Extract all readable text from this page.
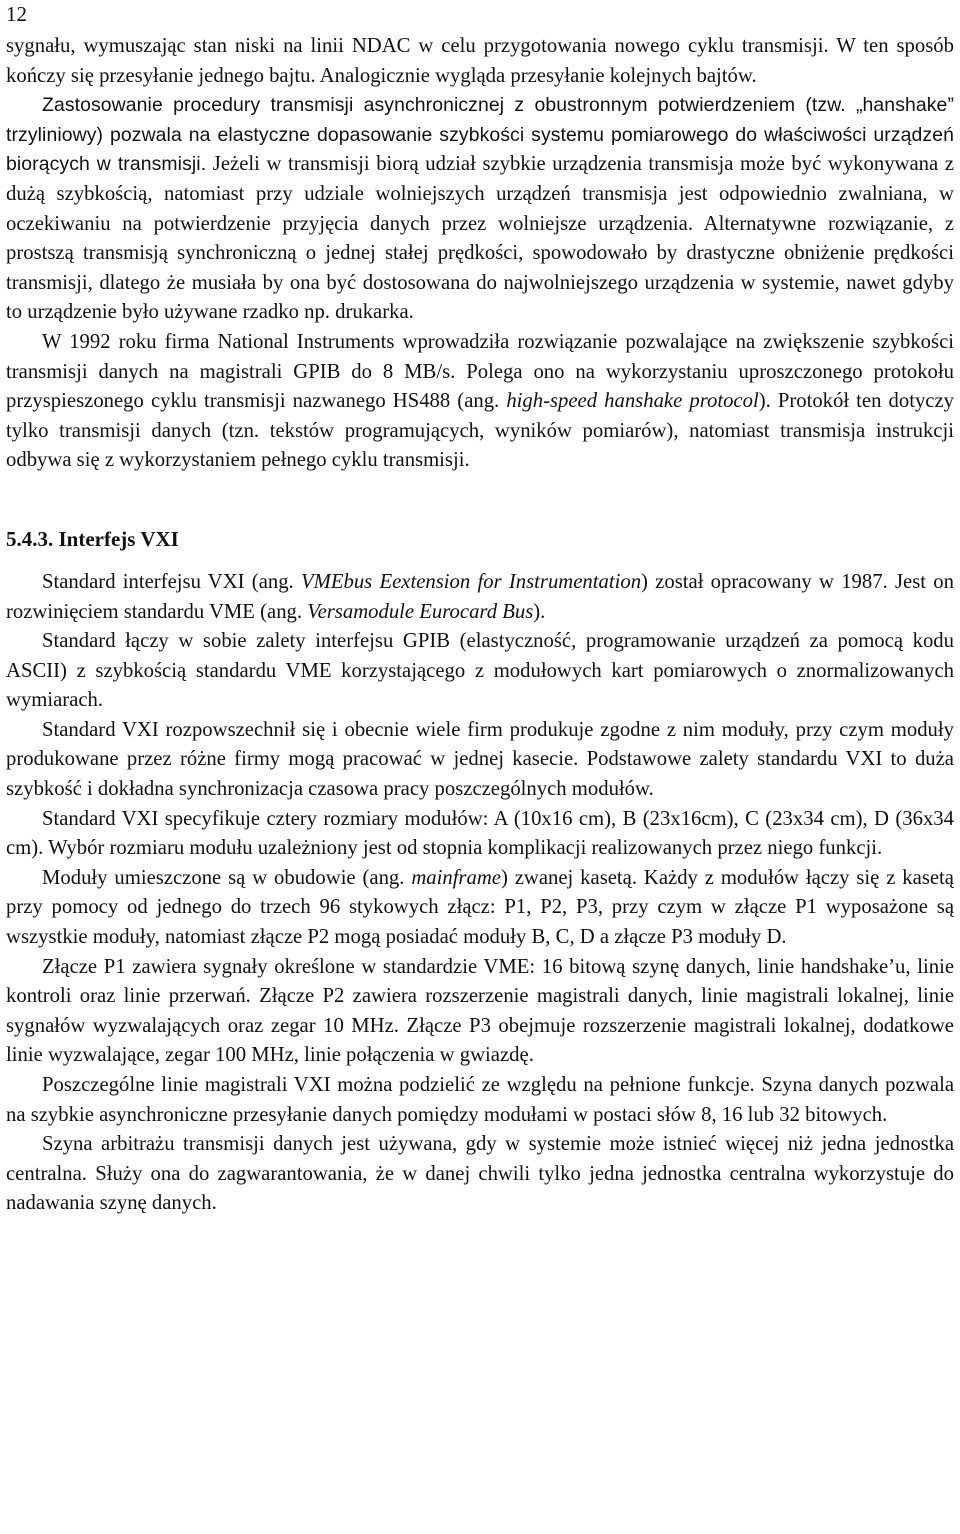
12

sygnału, wymuszając stan niski na linii NDAC w celu przygotowania nowego cyklu transmisji. W ten sposób kończy się przesyłanie jednego bajtu. Analogicznie wygląda przesyłanie kolejnych bajtów.

Zastosowanie procedury transmisji asynchronicznej z obustronnym potwierdzeniem (tzw. „hanshake” trzyliniowy) pozwala na elastyczne dopasowanie szybkości systemu pomiarowego do właściwości urządzeń biorących w transmisji. Jeżeli w transmisji biorą udział szybkie urządzenia transmisja może być wykonywana z dużą szybkością, natomiast przy udziale wolniejszych urządzeń transmisja jest odpowiednio zwalniana, w oczekiwaniu na potwierdzenie przyjęcia danych przez wolniejsze urządzenia. Alternatywne rozwiązanie, z prostszą transmisją synchroniczną o jednej stałej prędkości, spowodowało by drastyczne obniżenie prędkości transmisji, dlatego że musiała by ona być dostosowana do najwolniejszego urządzenia w systemie, nawet gdyby to urządzenie było używane rzadko np. drukarka.

W 1992 roku firma National Instruments wprowadziła rozwiązanie pozwalające na zwiększenie szybkości transmisji danych na magistrali GPIB do 8 MB/s. Polega ono na wykorzystaniu uproszczonego protokołu przyspieszonego cyklu transmisji nazwanego HS488 (ang. high-speed hanshake protocol). Protokół ten dotyczy tylko transmisji danych (tzn. tekstów programujących, wyników pomiarów), natomiast transmisja instrukcji odbywa się z wykorzystaniem pełnego cyklu transmisji.

5.4.3. Interfejs VXI

Standard interfejsu VXI (ang. VMEbus Eextension for Instrumentation) został opracowany w 1987. Jest on rozwinięciem standardu VME (ang. Versamodule Eurocard Bus).

Standard łączy w sobie zalety interfejsu GPIB (elastyczność, programowanie urządzeń za pomocą kodu ASCII) z szybkością standardu VME korzystającego z modułowych kart pomiarowych o znormalizowanych wymiarach.

Standard VXI rozpowszechnił się i obecnie wiele firm produkuje zgodne z nim moduły, przy czym moduły produkowane przez różne firmy mogą pracować w jednej kasecie. Podstawowe zalety standardu VXI to duża szybkość i dokładna synchronizacja czasowa pracy poszczególnych modułów.

Standard VXI specyfikuje cztery rozmiary modułów: A (10x16 cm), B (23x16cm), C (23x34 cm), D (36x34 cm). Wybór rozmiaru modułu uzależniony jest od stopnia komplikacji realizowanych przez niego funkcji.

Moduły umieszczone są w obudowie (ang. mainframe) zwanej kasetą. Każdy z modułów łączy się z kasetą przy pomocy od jednego do trzech 96 stykowych złącz: P1, P2, P3, przy czym w złącze P1 wyposażone są wszystkie moduły, natomiast złącze P2 mogą posiadać moduły B, C, D a złącze P3 moduły D.

Złącze P1 zawiera sygnały określone w standardzie VME: 16 bitową szynę danych, linie handshake’u, linie kontroli oraz linie przerwań. Złącze P2 zawiera rozszerzenie magistrali danych, linie magistrali lokalnej, linie sygnałów wyzwalających oraz zegar 10 MHz. Złącze P3 obejmuje rozszerzenie magistrali lokalnej, dodatkowe linie wyzwalające, zegar 100 MHz, linie połączenia w gwiazdę.

Poszczególne linie magistrali VXI można podzielić ze względu na pełnione funkcje. Szyna danych pozwala na szybkie asynchroniczne przesyłanie danych pomiędzy modułami w postaci słów 8, 16 lub 32 bitowych.

Szyna arbitrażu transmisji danych jest używana, gdy w systemie może istnieć więcej niż jedna jednostka centralna. Służy ona do zagwarantowania, że w danej chwili tylko jedna jednostka centralna wykorzystuje do nadawania szynę danych.
